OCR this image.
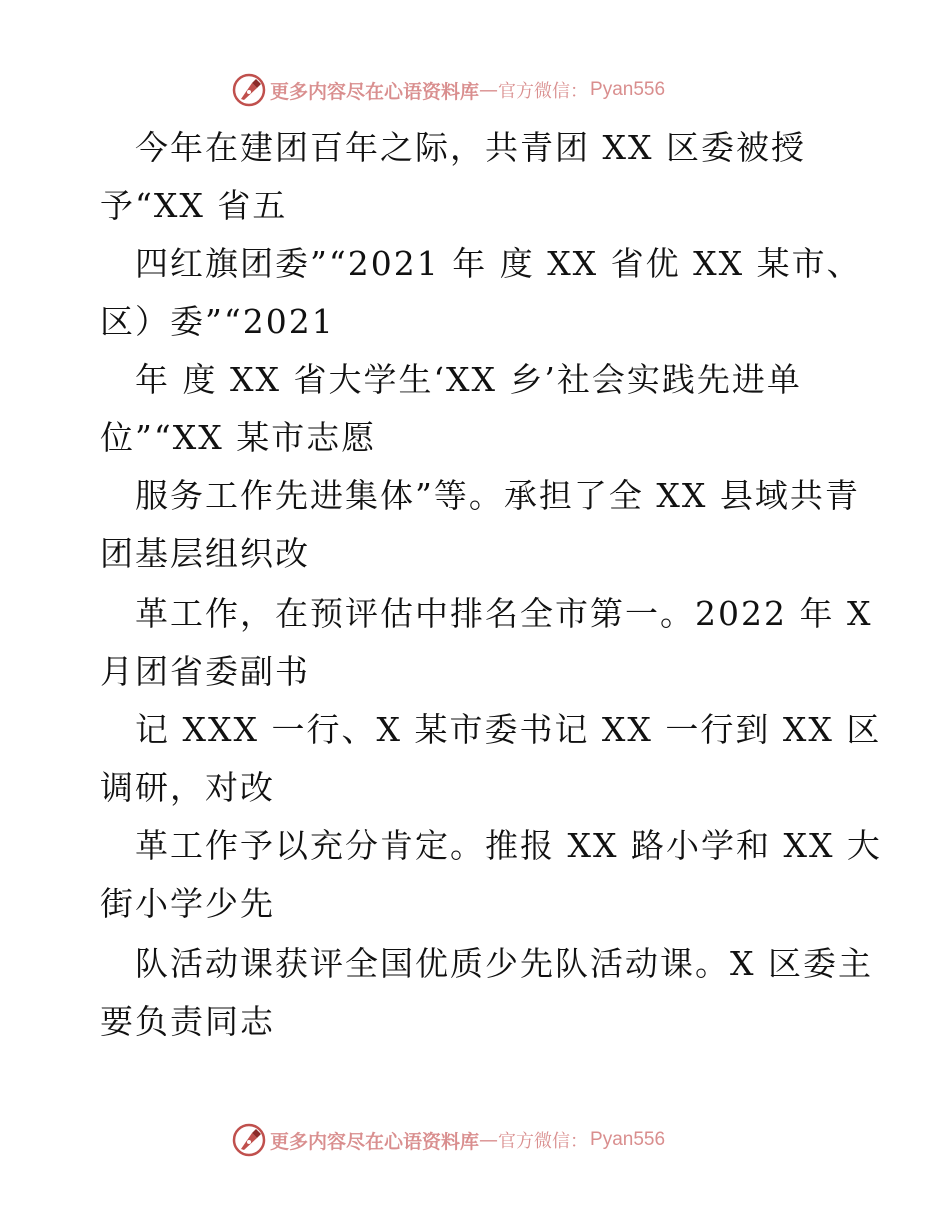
更多内容尽在心语资料库 — 官方微信： Pyan556
今年在建团百年之际，共青团 XX 区委被授
予“XX 省五
四红旗团委”“2021 年 度 XX 省优 XX 某市、
区）委”“2021
年 度 XX 省大学生‘XX 乡’社会实践先进单
位”“XX 某市志愿
服务工作先进集体”等。承担了全 XX 县域共青
团基层组织改
革工作，在预评估中排名全市第一。2022 年 X
月团省委副书
记 XXX 一行、X 某市委书记 XX 一行到 XX 区
调研，对改
革工作予以充分肯定。推报 XX 路小学和 XX 大
街小学少先
队活动课获评全国优质少先队活动课。X 区委主
要负责同志
更多内容尽在心语资料库 — 官方微信： Pyan556
